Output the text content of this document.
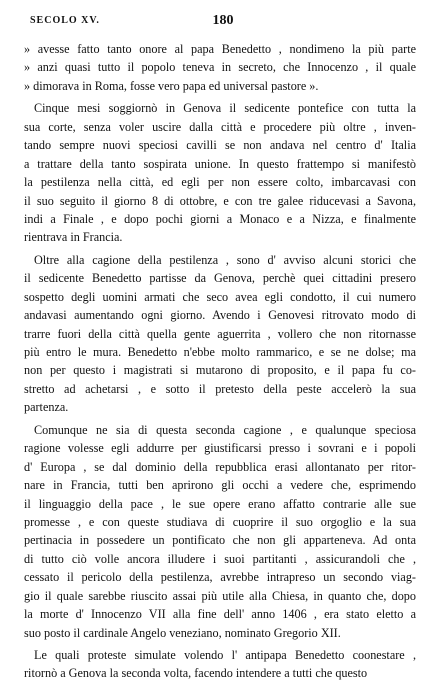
SECOLO XV.	180
» avesse fatto tanto onore al papa Benedetto , nondimeno la più parte
» anzi quasi tutto il popolo teneva in secreto, che Innocenzo , il quale
» dimorava in Roma, fosse vero papa ed universal pastore ».
Cinque mesi soggiornò in Genova il sedicente pontefice con tutta la
sua corte, senza voler uscire dalla città e procedere più oltre , inven-
tando sempre nuovi speciosi cavilli se non andava nel centro d' Italia
a trattare della tanto sospirata unione. In questo frattempo si manifestò
la pestilenza nella città, ed egli per non essere colto, imbarcavasi con
il suo seguito il giorno 8 di ottobre, e con tre galee riducevasi a Savona,
indi a Finale , e dopo pochi giorni a Monaco e a Nizza, e finalmente
rientrava in Francia.
Oltre alla cagione della pestilenza , sono d' avviso alcuni storici che
il sedicente Benedetto partisse da Genova, perchè quei cittadini presero
sospetto degli uomini armati che seco avea egli condotto, il cui numero
andavasi aumentando ogni giorno. Avendo i Genovesi ritrovato modo di
trarre fuori della città quella gente aguerrita , vollero che non ritornasse
più entro le mura. Benedetto n'ebbe molto rammarico, e se ne dolse; ma
non per questo i magistrati si mutarono di proposito, e il papa fu co-
stretto ad achetarsi , e sotto il pretesto della peste accelerò la sua
partenza.
Comunque ne sia di questa seconda cagione , e qualunque speciosa
ragione volesse egli addurre per giustificarsi presso i sovrani e i popoli
d' Europa , se dal dominio della repubblica erasi allontanato per ritor-
nare in Francia, tutti ben aprirono gli occhi a vedere che, esprimendo
il linguaggio della pace , le sue opere erano affatto contrarie alle sue
promesse , e con queste studiava di cuoprire il suo orgoglio e la sua
pertinacia in possedere un pontificato che non gli apparteneva. Ad onta
di tutto ciò volle ancora illudere i suoi partitanti , assicurandoli che ,
cessato il pericolo della pestilenza, avrebbe intrapreso un secondo viag-
gio il quale sarebbe riuscito assai più utile alla Chiesa, in quanto che, dopo
la morte d' Innocenzo VII alla fine dell' anno 1406 , era stato eletto a
suo posto il cardinale Angelo veneziano, nominato Gregorio XII.
Le quali proteste simulate volendo l' antipapa Benedetto coonestare ,
ritornò a Genova la seconda volta, facendo intendere a tutti che questo
